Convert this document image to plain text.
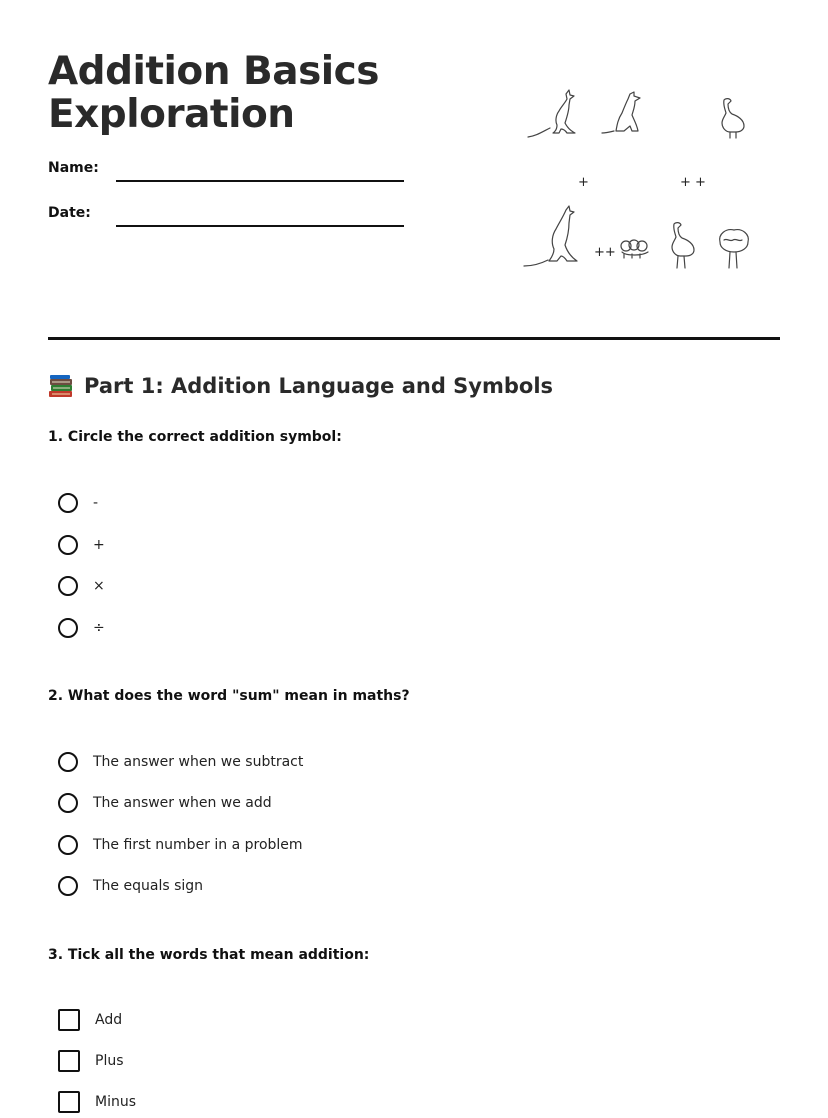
Addition Basics
Exploration
Name:
Date:
+	+ +
++
Part 1: Addition Language and Symbols

1. Circle the correct addition symbol:

-
+
×
÷

2. What does the word "sum" mean in maths?

The answer when we subtract
The answer when we add
The first number in a problem
The equals sign

3. Tick all the words that mean addition:

Add
Plus
Minus
